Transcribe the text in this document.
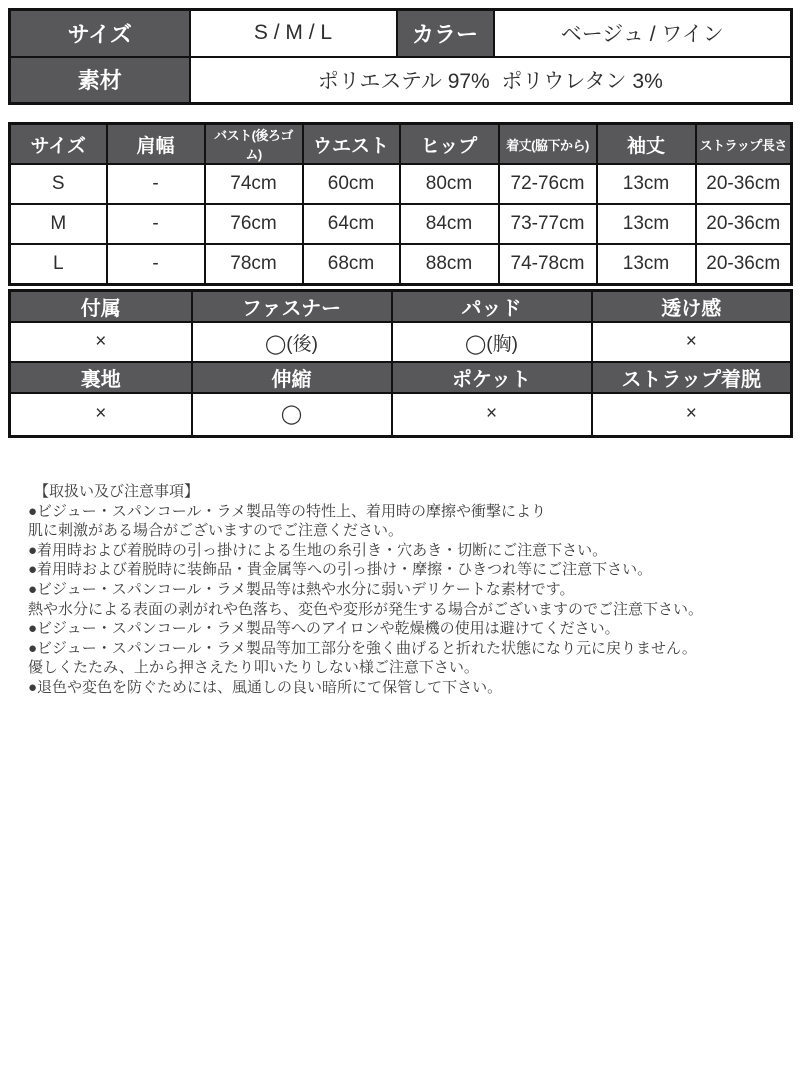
サイズ	S / M / L	カラー	ベージュ / ワイン
素材	ポリエステル 97%  ポリウレタン 3%		
サイズ	肩幅	バスト(後ろゴム)	ウエスト	ヒップ	着丈(脇下から)	袖丈	ストラップ長さ
S	-	74cm	60cm	80cm	72-76cm	13cm	20-36cm
M	-	76cm	64cm	84cm	73-77cm	13cm	20-36cm
L	-	78cm	68cm	88cm	74-78cm	13cm	20-36cm
付属	ファスナー	パッド	透け感
×	◯(後)	◯(胸)	×
裏地	伸縮	ポケット	ストラップ着脱
×	◯	×	×
【取扱い及び注意事項】
●ビジュー・スパンコール・ラメ製品等の特性上、着用時の摩擦や衝撃により
肌に刺激がある場合がございますのでご注意ください。
●着用時および着脱時の引っ掛けによる生地の糸引き・穴あき・切断にご注意下さい。
●着用時および着脱時に装飾品・貴金属等への引っ掛け・摩擦・ひきつれ等にご注意下さい。
●ビジュー・スパンコール・ラメ製品等は熱や水分に弱いデリケートな素材です。
熱や水分による表面の剥がれや色落ち、変色や変形が発生する場合がございますのでご注意下さい。
●ビジュー・スパンコール・ラメ製品等へのアイロンや乾燥機の使用は避けてください。
●ビジュー・スパンコール・ラメ製品等加工部分を強く曲げると折れた状態になり元に戻りません。
優しくたたみ、上から押さえたり叩いたりしない様ご注意下さい。
●退色や変色を防ぐためには、風通しの良い暗所にて保管して下さい。
